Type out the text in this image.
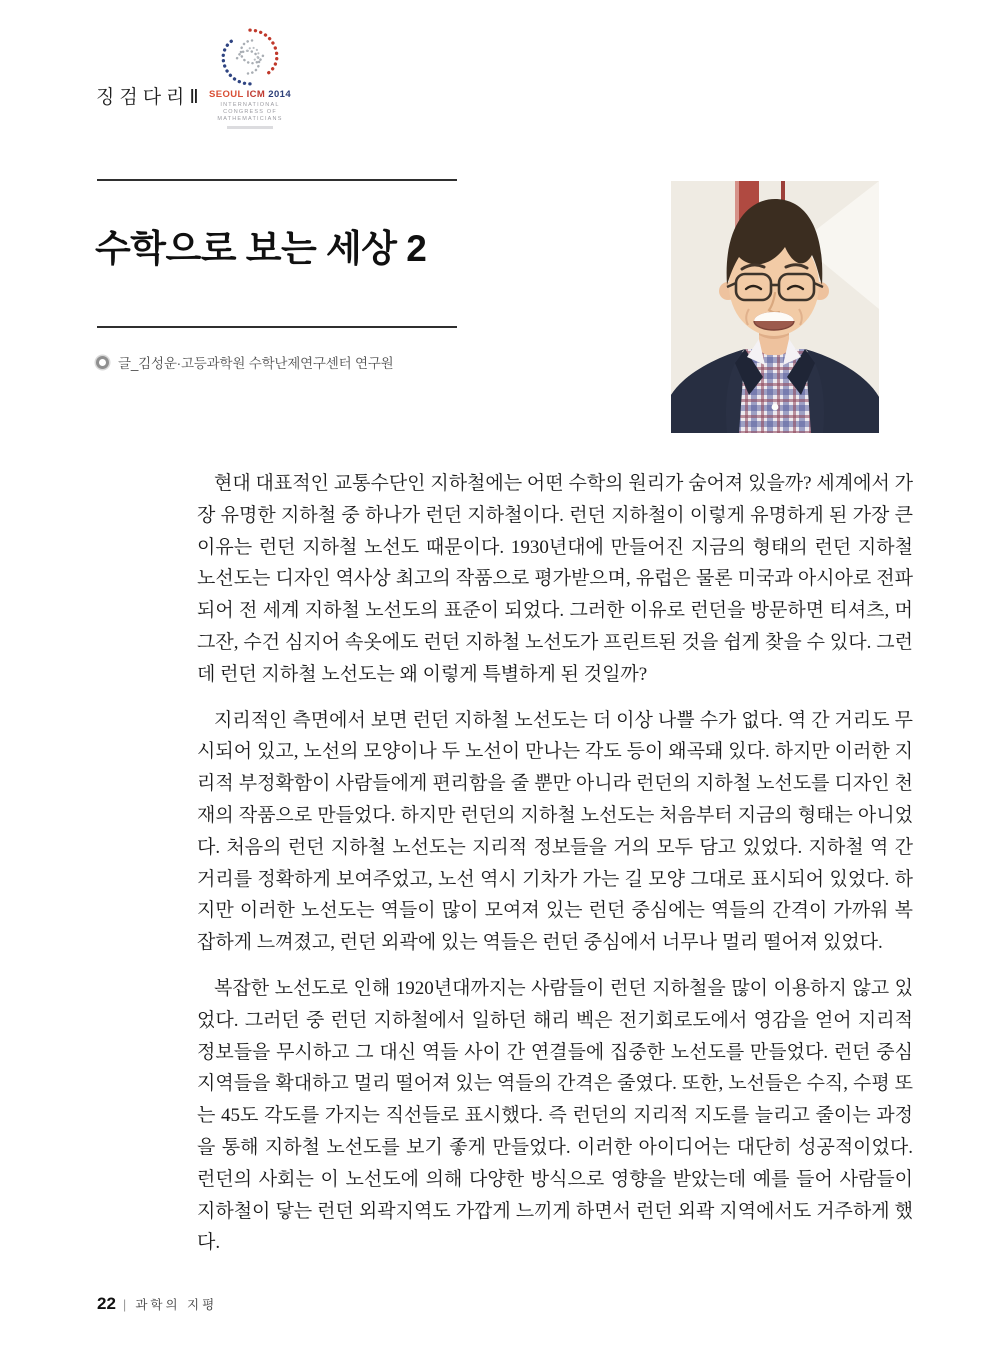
징검다리Ⅱ SEOUL ICM 2014
INTERNATIONAL
CONGRESS OF
MATHEMATICIANS
수학으로 보는 세상 2
글_김성운·고등과학원 수학난제연구센터 연구원

현대 대표적인 교통수단인 지하철에는 어떤 수학의 원리가 숨어져 있을까? 세계에서 가장 유명한 지하철 중 하나가 런던 지하철이다. 런던 지하철이 이렇게 유명하게 된 가장 큰 이유는 런던 지하철 노선도 때문이다. 1930년대에 만들어진 지금의 형태의 런던 지하철 노선도는 디자인 역사상 최고의 작품으로 평가받으며, 유럽은 물론 미국과 아시아로 전파되어 전 세계 지하철 노선도의 표준이 되었다. 그러한 이유로 런던을 방문하면 티셔츠, 머그잔, 수건 심지어 속옷에도 런던 지하철 노선도가 프린트된 것을 쉽게 찾을 수 있다. 그런데 런던 지하철 노선도는 왜 이렇게 특별하게 된 것일까?

지리적인 측면에서 보면 런던 지하철 노선도는 더 이상 나쁠 수가 없다. 역 간 거리도 무시되어 있고, 노선의 모양이나 두 노선이 만나는 각도 등이 왜곡돼 있다. 하지만 이러한 지리적 부정확함이 사람들에게 편리함을 줄 뿐만 아니라 런던의 지하철 노선도를 디자인 천재의 작품으로 만들었다. 하지만 런던의 지하철 노선도는 처음부터 지금의 형태는 아니었다. 처음의 런던 지하철 노선도는 지리적 정보들을 거의 모두 담고 있었다. 지하철 역 간 거리를 정확하게 보여주었고, 노선 역시 기차가 가는 길 모양 그대로 표시되어 있었다. 하지만 이러한 노선도는 역들이 많이 모여져 있는 런던 중심에는 역들의 간격이 가까워 복잡하게 느껴졌고, 런던 외곽에 있는 역들은 런던 중심에서 너무나 멀리 떨어져 있었다.

복잡한 노선도로 인해 1920년대까지는 사람들이 런던 지하철을 많이 이용하지 않고 있었다. 그러던 중 런던 지하철에서 일하던 해리 벡은 전기회로도에서 영감을 얻어 지리적 정보들을 무시하고 그 대신 역들 사이 간 연결들에 집중한 노선도를 만들었다. 런던 중심지역들을 확대하고 멀리 떨어져 있는 역들의 간격은 줄였다. 또한, 노선들은 수직, 수평 또는 45도 각도를 가지는 직선들로 표시했다. 즉 런던의 지리적 지도를 늘리고 줄이는 과정을 통해 지하철 노선도를 보기 좋게 만들었다. 이러한 아이디어는 대단히 성공적이었다. 런던의 사회는 이 노선도에 의해 다양한 방식으로 영향을 받았는데 예를 들어 사람들이 지하철이 닿는 런던 외곽지역도 가깝게 느끼게 하면서 런던 외곽 지역에서도 거주하게 했다.

22 | 과학의 지평
